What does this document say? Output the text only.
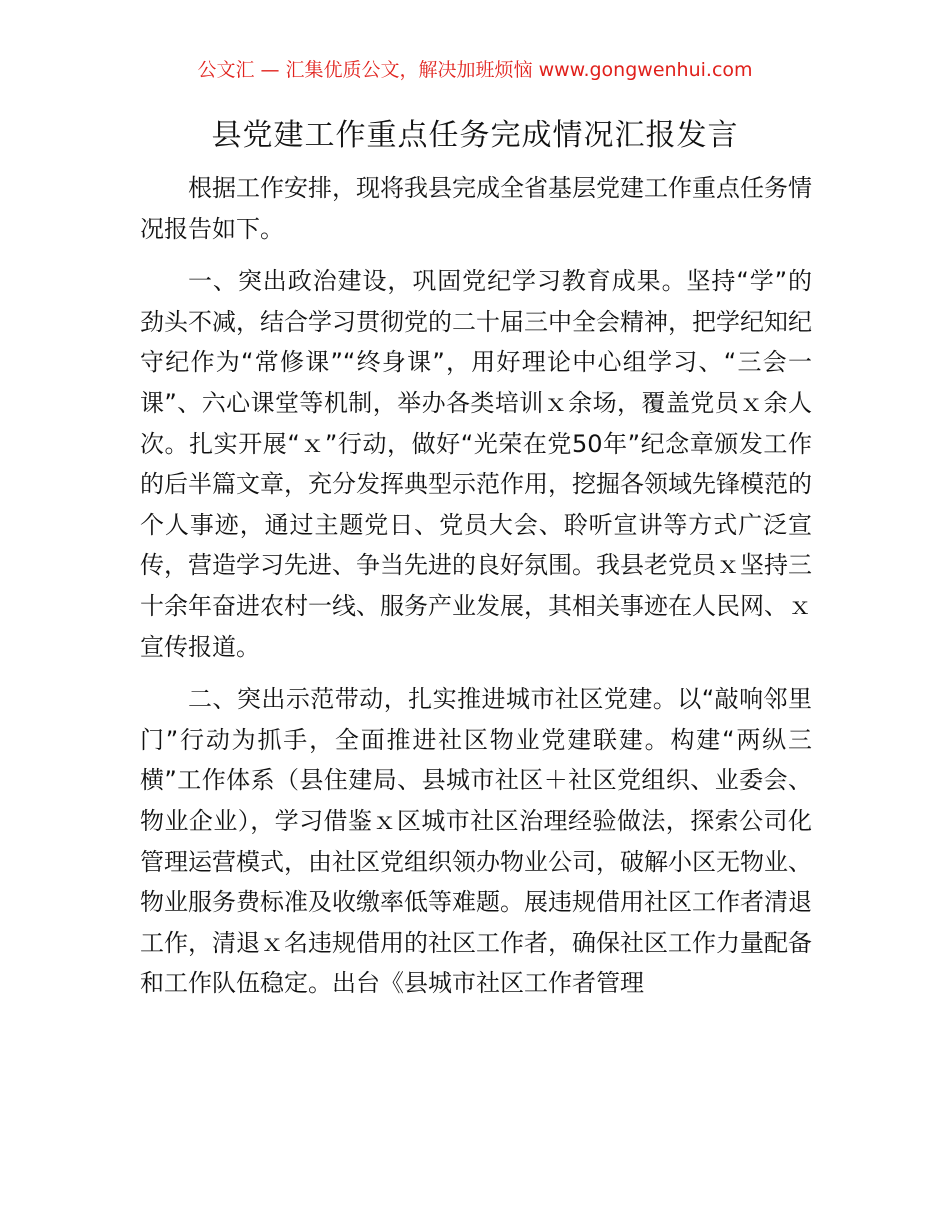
公文汇 — 汇集优质公文，解决加班烦恼 www.gongwenhui.com
县党建工作重点任务完成情况汇报发言

根据工作安排，现将我县完成全省基层党建工作重点任务情况报告如下。

一、突出政治建设，巩固党纪学习教育成果。坚持“学”的劲头不减，结合学习贯彻党的二十届三中全会精神，把学纪知纪守纪作为“常修课”“终身课”，用好理论中心组学习、“三会一课”、六心课堂等机制，举办各类培训ｘ余场，覆盖党员ｘ余人次。扎实开展“ｘ”行动，做好“光荣在党50年”纪念章颁发工作的后半篇文章，充分发挥典型示范作用，挖掘各领域先锋模范的个人事迹，通过主题党日、党员大会、聆听宣讲等方式广泛宣传，营造学习先进、争当先进的良好氛围。我县老党员ｘ坚持三十余年奋进农村一线、服务产业发展，其相关事迹在人民网、ｘ宣传报道。

二、突出示范带动，扎实推进城市社区党建。以“敲响邻里门”行动为抓手，全面推进社区物业党建联建。构建“两纵三横”工作体系（县住建局、县城市社区＋社区党组织、业委会、物业企业），学习借鉴ｘ区城市社区治理经验做法，探索公司化管理运营模式，由社区党组织领办物业公司，破解小区无物业、物业服务费标准及收缴率低等难题。展违规借用社区工作者清退工作，清退ｘ名违规借用的社区工作者，确保社区工作力量配备和工作队伍稳定。出台《县城市社区工作者管理
